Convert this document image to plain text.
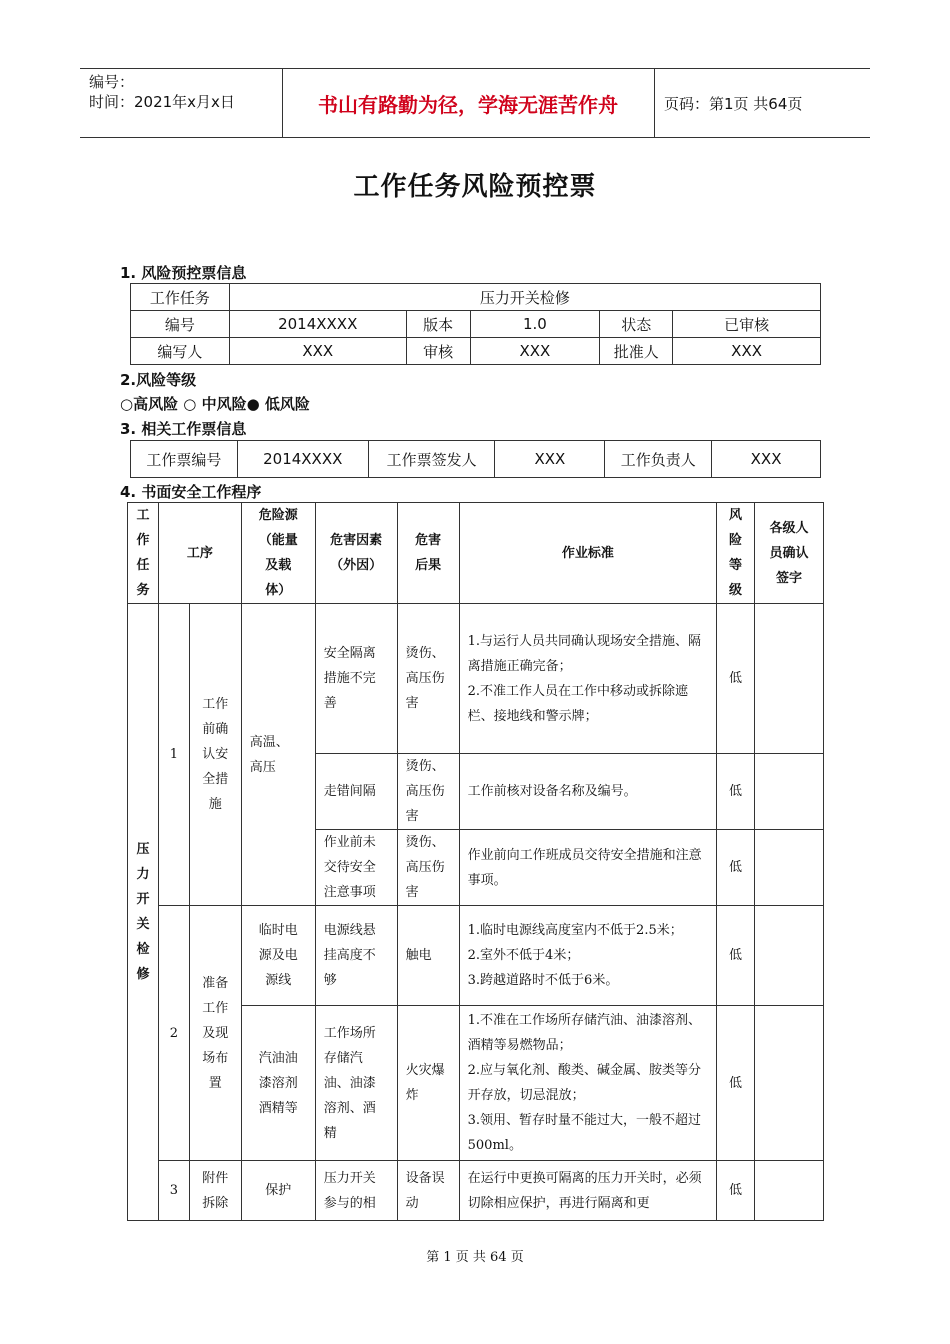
编号：
时间：2021年x月x日	书山有路勤为径，学海无涯苦作舟	页码：第1页 共64页
工作任务风险预控票
1. 风险预控票信息
工作任务	压力开关检修				
编号	2014XXXX	版本	1.0	状态	已审核
编写人	XXX	审核	XXX	批准人	XXX
2.风险等级
○高风险 ○ 中风险● 低风险
3. 相关工作票信息
工作票编号	2014XXXX	工作票签发人	XXX	工作负责人	XXX
4. 书面安全工作程序
工作任务	工序		危险源（能量及载体）	危害因素（外因）	危害后果	作业标准	风险等级	各级人员确认签字
压力开关检修	1	工作前确认安全措施	高温、高压	安全隔离措施不完善	烫伤、高压伤害	1.与运行人员共同确认现场安全措施、隔离措施正确完备；
2.不准工作人员在工作中移动或拆除遮栏、接地线和警示牌；	低	
				走错间隔	烫伤、高压伤害	工作前核对设备名称及编号。	低	
				作业前未交待安全注意事项	烫伤、高压伤害	作业前向工作班成员交待安全措施和注意事项。	低	
	2	准备工作及现场布置	临时电源及电源线	电源线悬挂高度不够	触电	1.临时电源线高度室内不低于2.5米；
2.室外不低于4米；
3.跨越道路时不低于6米。	低	
			汽油油漆溶剂酒精等	工作场所存储汽油、油漆溶剂、酒精	火灾爆炸	1.不准在工作场所存储汽油、油漆溶剂、酒精等易燃物品；
2.应与氧化剂、酸类、碱金属、胺类等分开存放，切忌混放；
3.领用、暂存时量不能过大，一般不超过500ml。	低	
	3	附件拆除	保护	压力开关参与的相	设备误动	在运行中更换可隔离的压力开关时，必须切除相应保护，再进行隔离和更	低	
第 1 页 共 64 页
